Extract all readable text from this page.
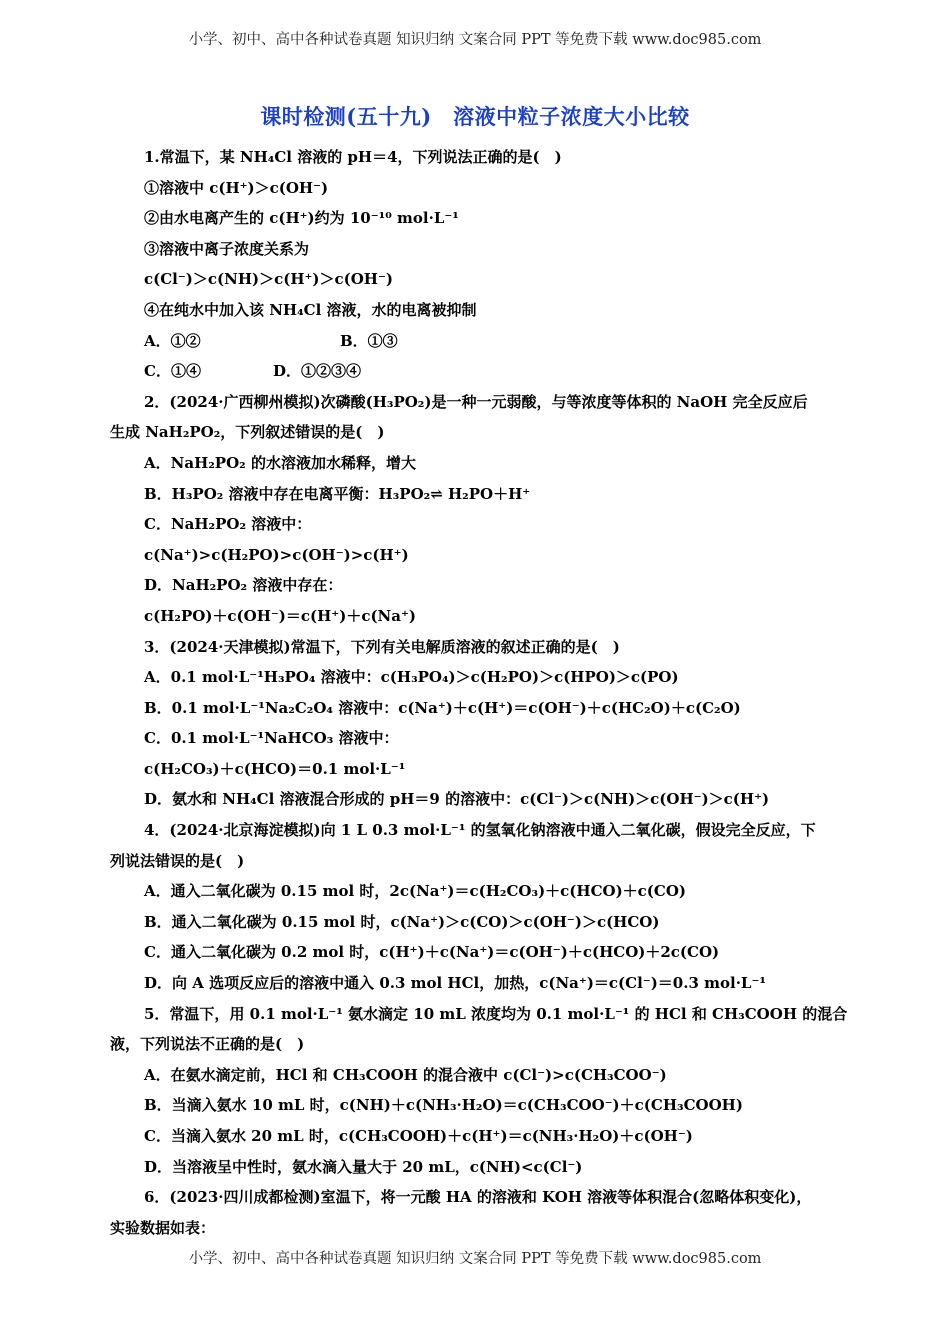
小学、初中、高中各种试卷真题 知识归纳 文案合同 PPT 等免费下载 www.doc985.com
课时检测(五十九)　溶液中粒子浓度大小比较
1.常温下，某 NH₄Cl 溶液的 pH＝4，下列说法正确的是(　)
①溶液中 c(H⁺)＞c(OH⁻)
②由水电离产生的 c(H⁺)约为 10⁻¹⁰ mol·L⁻¹
③溶液中离子浓度关系为
c(Cl⁻)＞c(NH)＞c(H⁺)＞c(OH⁻)
④在纯水中加入该 NH₄Cl 溶液，水的电离被抑制
A．①②	B．①③
C．①④	D．①②③④
2．(2024·广西柳州模拟)次磷酸(H₃PO₂)是一种一元弱酸，与等浓度等体积的 NaOH 完全反应后
生成 NaH₂PO₂，下列叙述错误的是(　)
A．NaH₂PO₂ 的水溶液加水稀释，增大
B．H₃PO₂ 溶液中存在电离平衡：H₃PO₂⇌ H₂PO＋H⁺
C．NaH₂PO₂ 溶液中：
c(Na⁺)>c(H₂PO)>c(OH⁻)>c(H⁺)
D．NaH₂PO₂ 溶液中存在：
c(H₂PO)＋c(OH⁻)＝c(H⁺)＋c(Na⁺)
3．(2024·天津模拟)常温下，下列有关电解质溶液的叙述正确的是(　)
A．0.1 mol·L⁻¹H₃PO₄ 溶液中：c(H₃PO₄)＞c(H₂PO)＞c(HPO)＞c(PO)
B．0.1 mol·L⁻¹Na₂C₂O₄ 溶液中：c(Na⁺)＋c(H⁺)＝c(OH⁻)＋c(HC₂O)＋c(C₂O)
C．0.1 mol·L⁻¹NaHCO₃ 溶液中：
c(H₂CO₃)＋c(HCO)＝0.1 mol·L⁻¹
D．氨水和 NH₄Cl 溶液混合形成的 pH＝9 的溶液中：c(Cl⁻)＞c(NH)＞c(OH⁻)＞c(H⁺)
4．(2024·北京海淀模拟)向 1 L 0.3 mol·L⁻¹ 的氢氧化钠溶液中通入二氧化碳，假设完全反应，下
列说法错误的是(　)
A．通入二氧化碳为 0.15 mol 时，2c(Na⁺)＝c(H₂CO₃)＋c(HCO)＋c(CO)
B．通入二氧化碳为 0.15 mol 时，c(Na⁺)＞c(CO)＞c(OH⁻)＞c(HCO)
C．通入二氧化碳为 0.2 mol 时，c(H⁺)＋c(Na⁺)＝c(OH⁻)＋c(HCO)＋2c(CO)
D．向 A 选项反应后的溶液中通入 0.3 mol HCl，加热，c(Na⁺)＝c(Cl⁻)＝0.3 mol·L⁻¹
5．常温下，用 0.1 mol·L⁻¹ 氨水滴定 10 mL 浓度均为 0.1 mol·L⁻¹ 的 HCl 和 CH₃COOH 的混合
液，下列说法不正确的是(　)
A．在氨水滴定前，HCl 和 CH₃COOH 的混合液中 c(Cl⁻)>c(CH₃COO⁻)
B．当滴入氨水 10 mL 时，c(NH)＋c(NH₃·H₂O)＝c(CH₃COO⁻)＋c(CH₃COOH)
C．当滴入氨水 20 mL 时，c(CH₃COOH)＋c(H⁺)＝c(NH₃·H₂O)＋c(OH⁻)
D．当溶液呈中性时，氨水滴入量大于 20 mL，c(NH)<c(Cl⁻)
6．(2023·四川成都检测)室温下，将一元酸 HA 的溶液和 KOH 溶液等体积混合(忽略体积变化)，
实验数据如表：
小学、初中、高中各种试卷真题 知识归纳 文案合同 PPT 等免费下载 www.doc985.com
